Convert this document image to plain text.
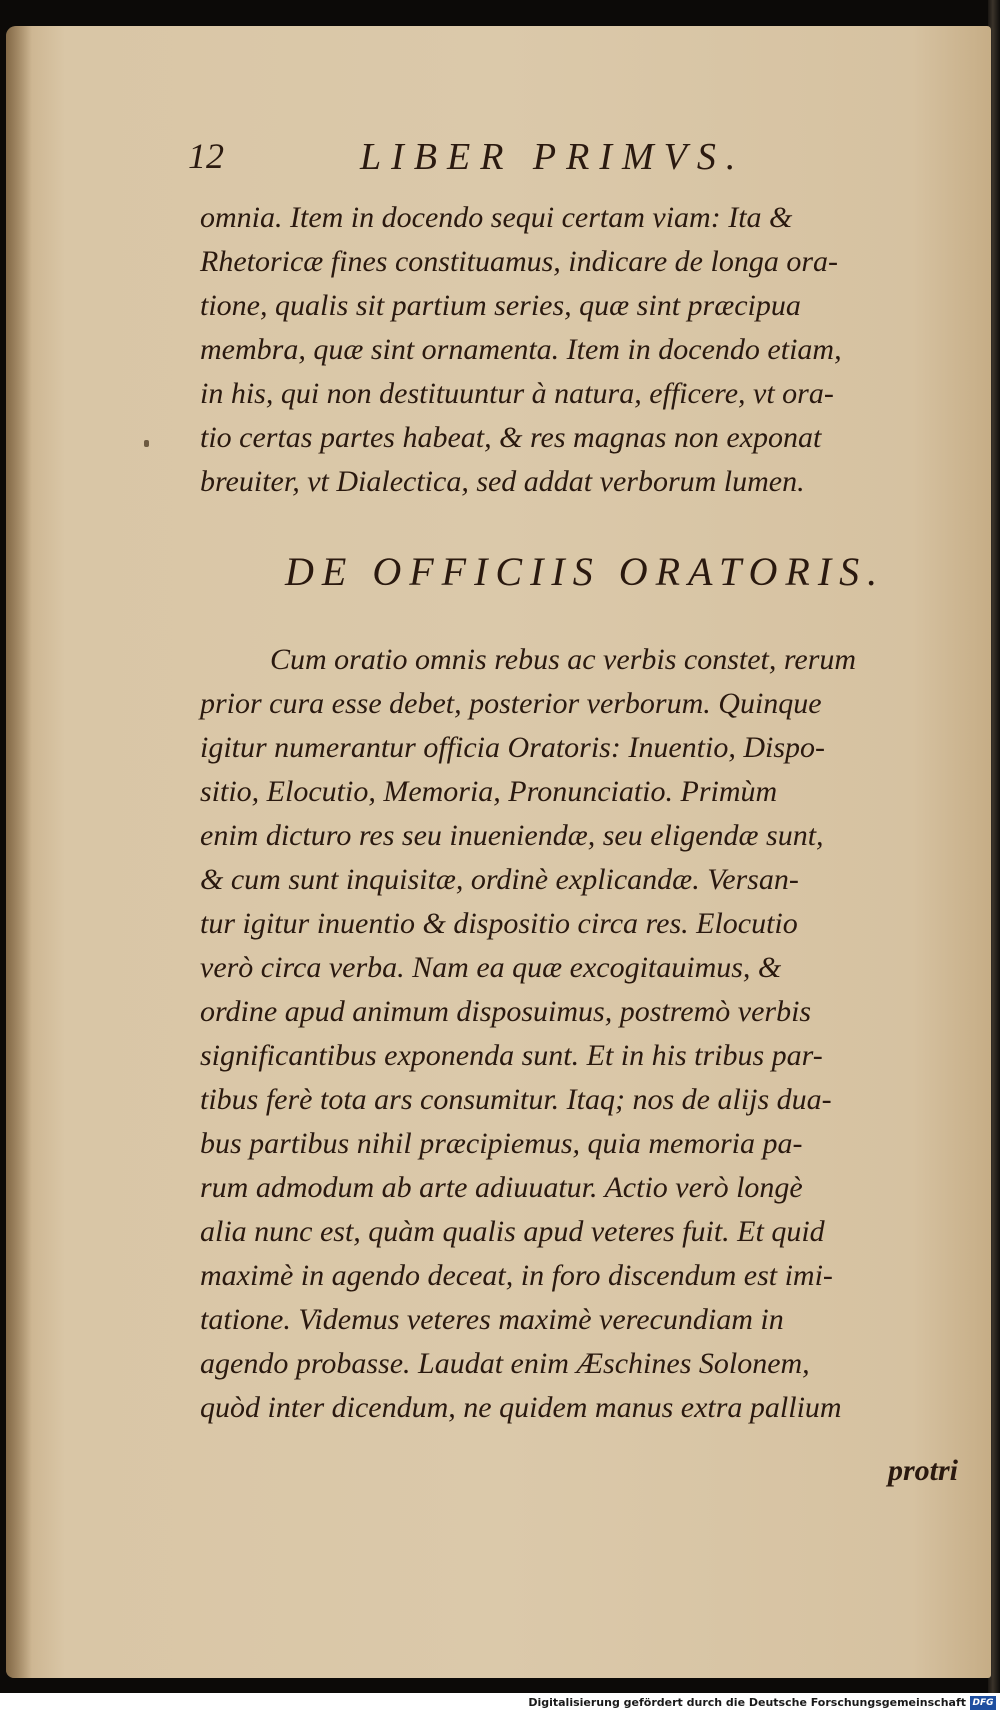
12	LIBER PRIMVS.
omnia. Item in docendo sequi certam viam: Ita &
Rhetoricæ fines constituamus, indicare de longa ora-
tione, qualis sit partium series, quæ sint præcipua
membra, quæ sint ornamenta. Item in docendo etiam,
in his, qui non destituuntur à natura, efficere, vt ora-
tio certas partes habeat, & res magnas non exponat
breuiter, vt Dialectica, sed addat verborum lumen.
DE OFFICIIS ORATORIS.
Cum oratio omnis rebus ac verbis constet, rerum
prior cura esse debet, posterior verborum. Quinque
igitur numerantur officia Oratoris: Inuentio, Dispo-
sitio, Elocutio, Memoria, Pronunciatio. Primùm
enim dicturo res seu inueniendæ, seu eligendæ sunt,
& cum sunt inquisitæ, ordinè explicandæ. Versan-
tur igitur inuentio & dispositio circa res. Elocutio
verò circa verba. Nam ea quæ excogitauimus, &
ordine apud animum disposuimus, postremò verbis
significantibus exponenda sunt. Et in his tribus par-
tibus ferè tota ars consumitur. Itaq; nos de alijs dua-
bus partibus nihil præcipiemus, quia memoria pa-
rum admodum ab arte adiuuatur. Actio verò longè
alia nunc est, quàm qualis apud veteres fuit. Et quid
maximè in agendo deceat, in foro discendum est imi-
tatione. Videmus veteres maximè verecundiam in
agendo probasse. Laudat enim Æschines Solonem,
quòd inter dicendum, ne quidem manus extra pallium
protri
Digitalisierung gefördert durch die Deutsche Forschungsgemeinschaft DFG
